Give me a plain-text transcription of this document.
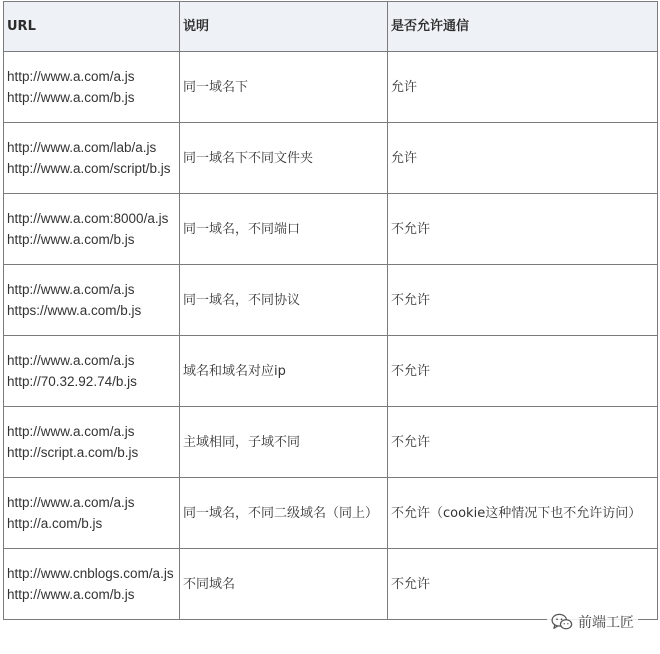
URL	说明	是否允许通信

http://www.a.com/a.js
http://www.a.com/b.js	同一域名下	允许

http://www.a.com/lab/a.js
http://www.a.com/script/b.js	同一域名下不同文件夹	允许

http://www.a.com:8000/a.js
http://www.a.com/b.js	同一域名，不同端口	不允许

http://www.a.com/a.js
https://www.a.com/b.js	同一域名，不同协议	不允许

http://www.a.com/a.js
http://70.32.92.74/b.js	域名和域名对应ip	不允许

http://www.a.com/a.js
http://script.a.com/b.js	主域相同，子域不同	不允许

http://www.a.com/a.js
http://a.com/b.js	同一域名，不同二级域名（同上）	不允许（cookie这种情况下也不允许访问）

http://www.cnblogs.com/a.js
http://www.a.com/b.js	不同域名	不允许
前端工匠
